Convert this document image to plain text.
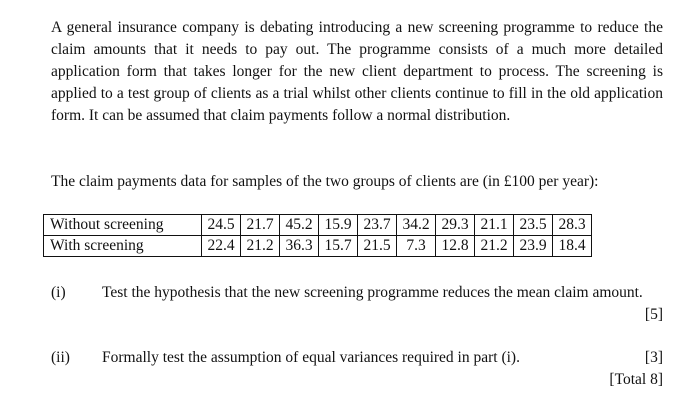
A general insurance company is debating introducing a new screening programme to reduce the claim amounts that it needs to pay out. The programme consists of a much more detailed application form that takes longer for the new client department to process. The screening is applied to a test group of clients as a trial whilst other clients continue to fill in the old application form. It can be assumed that claim payments follow a normal distribution.

The claim payments data for samples of the two groups of clients are (in £100 per year):

Without screening	24.5	21.7	45.2	15.9	23.7	34.2	29.3	21.1	23.5	28.3
With screening	22.4	21.2	36.3	15.7	21.5	7.3	12.8	21.2	23.9	18.4
(i) Test the hypothesis that the new screening programme reduces the mean claim amount.
[5]
(ii) Formally test the assumption of equal variances required in part (i).	[3]
[Total 8]
